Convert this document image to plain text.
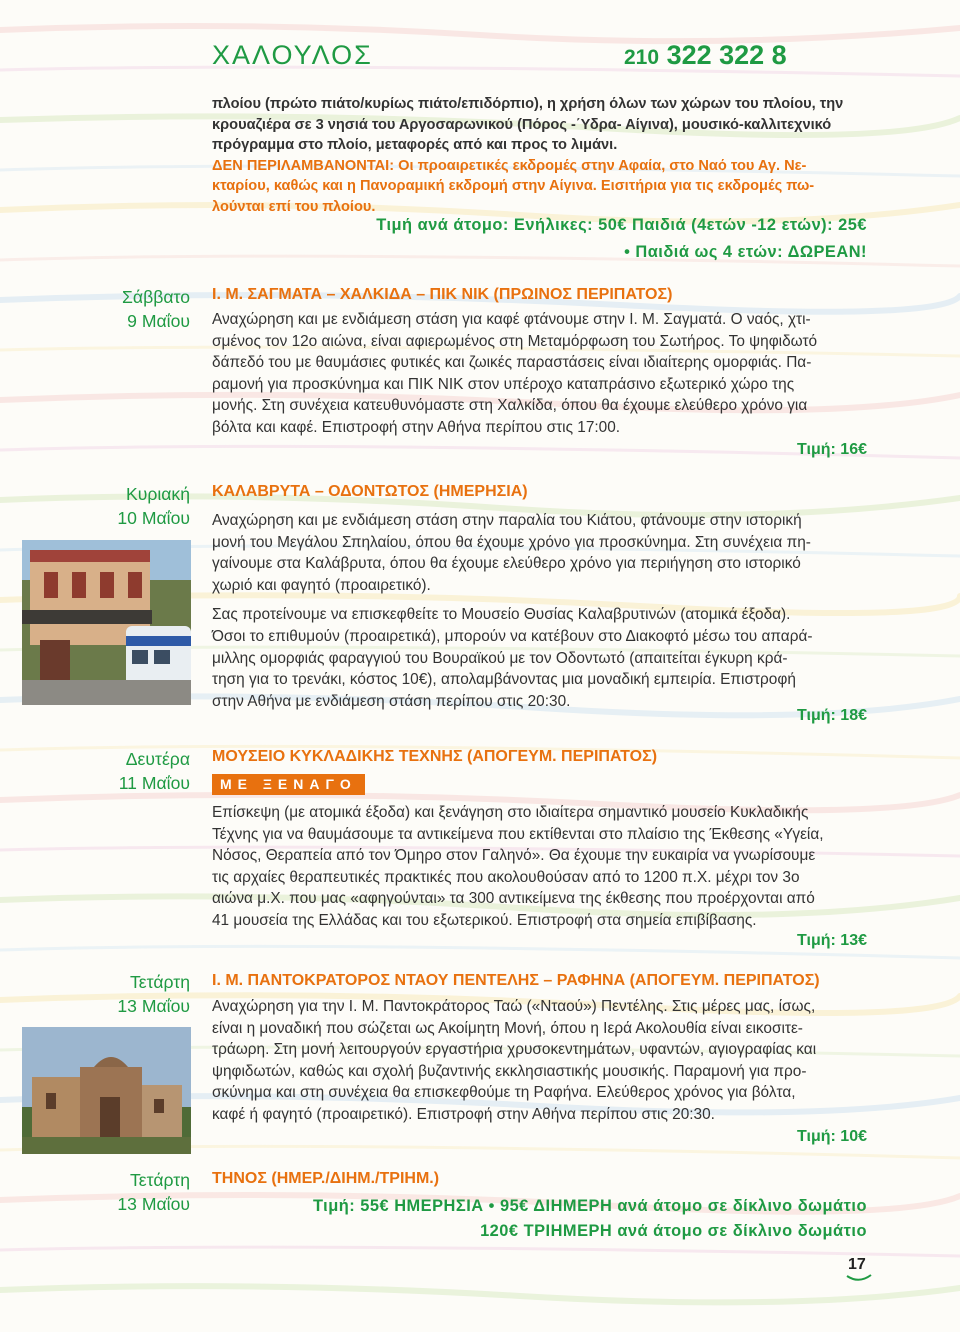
ΧΑΛΟΥΛΟΣ	210 322 322 8
πλοίου (πρώτο πιάτο/κυρίως πιάτο/επιδόρπιο), η χρήση όλων των χώρων του πλοίου, την
κρουαζιέρα σε 3 νησιά του Αργοσαρωνικού (Πόρος -΄Υδρα- Αίγινα), μουσικό-καλλιτεχνικό
πρόγραμμα στο πλοίο, μεταφορές από και προς το λιμάνι.
ΔΕΝ ΠΕΡΙΛΑΜΒΑΝΟΝΤΑΙ: Οι προαιρετικές εκδρομές στην Αφαία, στο Ναό του Αγ. Νε-
κταρίου, καθώς και η Πανοραμική εκδρομή στην Αίγινα. Εισιτήρια για τις εκδρομές πω-
λούνται επί του πλοίου.
Τιμή ανά άτομο: Ενήλικες: 50€ Παιδιά (4ετών -12 ετών): 25€
• Παιδιά ως 4 ετών: ΔΩΡΕΑΝ!
Σάββατο
9 Μαΐου
Ι. Μ. ΣΑΓΜΑΤΑ – ΧΑΛΚΙΔΑ – ΠΙΚ ΝΙΚ (ΠΡΩΙΝΟΣ ΠΕΡΙΠΑΤΟΣ)
Αναχώρηση και με ενδιάμεση στάση για καφέ φτάνουμε στην Ι. Μ. Σαγματά. Ο ναός, χτι-
σμένος τον 12ο αιώνα, είναι αφιερωμένος στη Μεταμόρφωση του Σωτήρος. Το ψηφιδωτό
δάπεδό του με θαυμάσιες φυτικές και ζωικές παραστάσεις είναι ιδιαίτερης ομορφιάς. Πα-
ραμονή για προσκύνημα και ΠΙΚ ΝΙΚ στον υπέροχο καταπράσινο εξωτερικό χώρο της
μονής. Στη συνέχεια κατευθυνόμαστε στη Χαλκίδα, όπου θα έχουμε ελεύθερο χρόνο για
βόλτα και καφέ. Επιστροφή στην Αθήνα περίπου στις 17:00.
Τιμή: 16€
Κυριακή
10 Μαΐου
ΚΑΛΑΒΡΥΤΑ – ΟΔΟΝΤΩΤΟΣ (ΗΜΕΡΗΣΙΑ)
Αναχώρηση και με ενδιάμεση στάση στην παραλία του Κιάτου, φτάνουμε στην ιστορική
μονή του Μεγάλου Σπηλαίου, όπου θα έχουμε χρόνο για προσκύνημα. Στη συνέχεια πη-
γαίνουμε στα Καλάβρυτα, όπου θα έχουμε ελεύθερο χρόνο για περιήγηση στο ιστορικό
χωριό και φαγητό (προαιρετικό).
Σας προτείνουμε να επισκεφθείτε το Μουσείο Θυσίας Καλαβρυτινών (ατομικά έξοδα).
Όσοι το επιθυμούν (προαιρετικά), μπορούν να κατέβουν στο Διακοφτό μέσω του απαρά-
μιλλης ομορφιάς φαραγγιού του Βουραϊκού με τον Οδοντωτό (απαιτείται έγκυρη κρά-
τηση για το τρενάκι, κόστος 10€), απολαμβάνοντας μια μοναδική εμπειρία. Επιστροφή
στην Αθήνα με ενδιάμεση στάση περίπου στις 20:30.
Τιμή: 18€
Δευτέρα
11 Μαΐου
ΜΟΥΣΕΙΟ ΚΥΚΛΑΔΙΚΗΣ ΤΕΧΝΗΣ (ΑΠΟΓΕΥΜ. ΠΕΡΙΠΑΤΟΣ)
ΜΕ ΞΕΝΑΓΟ
Επίσκεψη (με ατομικά έξοδα) και ξενάγηση στο ιδιαίτερα σημαντικό μουσείο Κυκλαδικής
Τέχνης για να θαυμάσουμε τα αντικείμενα που εκτίθενται στο πλαίσιο της Έκθεσης «Υγεία,
Νόσος, Θεραπεία από τον Όμηρο στον Γαληνό». Θα έχουμε την ευκαιρία να γνωρίσουμε
τις αρχαίες θεραπευτικές πρακτικές που ακολουθούσαν από το 1200 π.Χ. μέχρι τον 3ο
αιώνα μ.Χ. που μας «αφηγούνται» τα 300 αντικείμενα της έκθεσης που προέρχονται από
41 μουσεία της Ελλάδας και του εξωτερικού. Επιστροφή στα σημεία επιβίβασης.
Τιμή: 13€
Τετάρτη
13 Μαΐου
Ι. Μ. ΠΑΝΤΟΚΡΑΤΟΡΟΣ ΝΤΑΟΥ ΠΕΝΤΕΛΗΣ – ΡΑΦΗΝΑ (ΑΠΟΓΕΥΜ. ΠΕΡΙΠΑΤΟΣ)
Αναχώρηση για την Ι. Μ. Παντοκράτορος Ταώ («Νταού») Πεντέλης. Στις μέρες μας, ίσως,
είναι η μοναδική που σώζεται ως Ακοίμητη Μονή, όπου η Ιερά Ακολουθία είναι εικοσιτε-
τράωρη. Στη μονή λειτουργούν εργαστήρια χρυσοκεντημάτων, υφαντών, αγιογραφίας και
ψηφιδωτών, καθώς και σχολή βυζαντινής εκκλησιαστικής μουσικής. Παραμονή για προ-
σκύνημα και στη συνέχεια θα επισκεφθούμε τη Ραφήνα. Ελεύθερος χρόνος για βόλτα,
καφέ ή φαγητό (προαιρετικό). Επιστροφή στην Αθήνα περίπου στις 20:30.
Τιμή: 10€
Τετάρτη
13 Μαΐου
ΤΗΝΟΣ (ΗΜΕΡ./ΔΙΗΜ./ΤΡΙΗΜ.)
Τιμή: 55€ ΗΜΕΡΗΣΙΑ • 95€ ΔΙΗΜΕΡΗ ανά άτομο σε δίκλινο δωμάτιο
120€ ΤΡΙΗΜΕΡΗ ανά άτομο σε δίκλινο δωμάτιο
17
